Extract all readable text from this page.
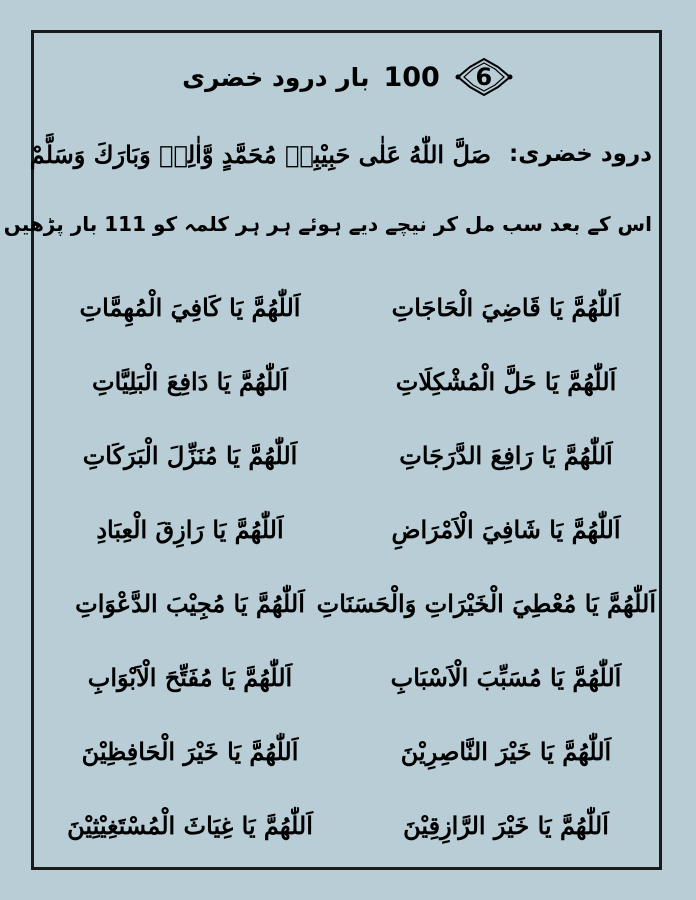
6
100
بار درود خضری
درود خضری:
صَلَّ اللّٰهُ عَلٰى حَبِيْبِهٖ مُحَمَّدٍ وَّاٰلِهٖ وَبَارَكَ وَسَلَّمْ
اس کے بعد سب مل کر نیچے دیے ہوئے ہر ہر کلمہ کو 111 بار پڑھیں
اَللّٰهُمَّ يَا قَاضِيَ الْحَاجَاتِ
اَللّٰهُمَّ يَا كَافِيَ الْمُهِمَّاتِ
اَللّٰهُمَّ يَا حَلَّ الْمُشْكِلَاتِ
اَللّٰهُمَّ يَا دَافِعَ الْبَلِيَّاتِ
اَللّٰهُمَّ يَا رَافِعَ الدَّرَجَاتِ
اَللّٰهُمَّ يَا مُنَزِّلَ الْبَرَكَاتِ
اَللّٰهُمَّ يَا شَافِيَ الْاَمْرَاضِ
اَللّٰهُمَّ يَا رَازِقَ الْعِبَادِ
اَللّٰهُمَّ يَا مُعْطِيَ الْخَيْرَاتِ وَالْحَسَنَاتِ
اَللّٰهُمَّ يَا مُجِيْبَ الدَّعْوَاتِ
اَللّٰهُمَّ يَا مُسَبِّبَ الْاَسْبَابِ
اَللّٰهُمَّ يَا مُفَتِّحَ الْاَبْوَابِ
اَللّٰهُمَّ يَا خَيْرَ النَّاصِرِيْنَ
اَللّٰهُمَّ يَا خَيْرَ الْحَافِظِيْنَ
اَللّٰهُمَّ يَا خَيْرَ الرَّازِقِيْنَ
اَللّٰهُمَّ يَا غِيَاثَ الْمُسْتَغِيْثِيْنَ
